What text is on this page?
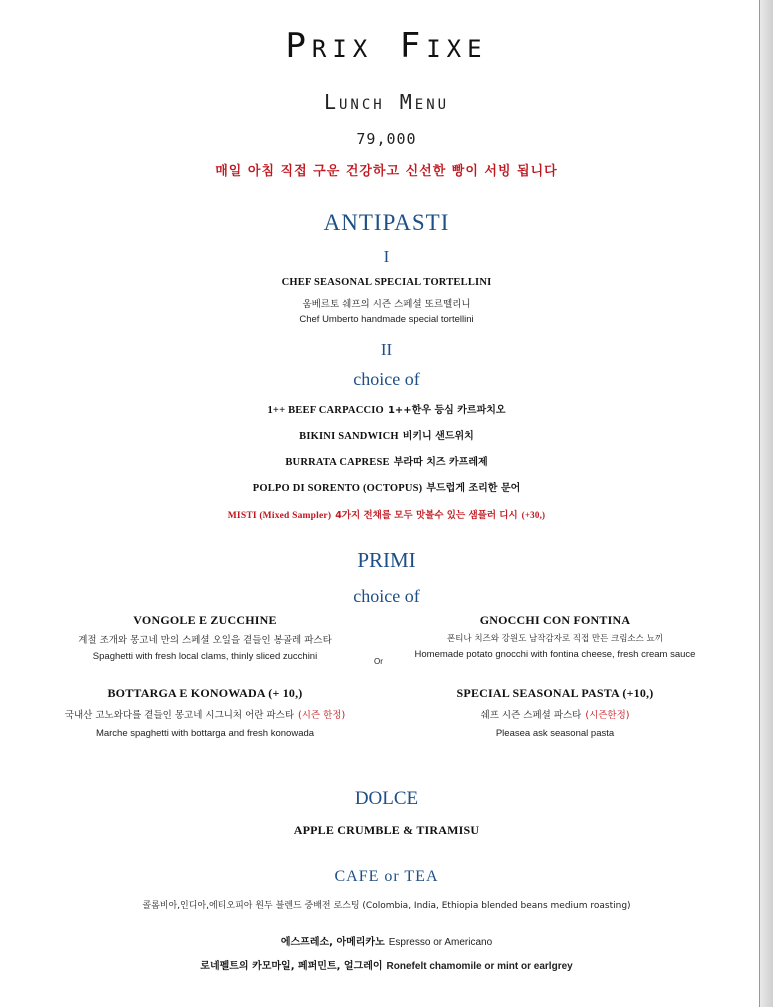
Prix Fixe
Lunch Menu
79,000
매일 아침 직접 구운 건강하고 신선한 빵이 서빙 됩니다
ANTIPASTI
I
CHEF SEASONAL SPECIAL TORTELLINI
움베르토 쉐프의 시즌 스페셜 또르뗄리니
Chef Umberto handmade special tortellini
II
choice of
1++ BEEF CARPACCIO 1++한우 등심 카르파치오
BIKINI SANDWICH 비키니 샌드위치
BURRATA CAPRESE 부라따 치즈 카프레제
POLPO DI SORENTO (OCTOPUS) 부드럽게 조리한 문어
MISTI (Mixed Sampler) 4가지 전채를 모두 맛볼수 있는 샘플러 디시 (+30,)
PRIMI
choice of
VONGOLE E ZUCCHINE
계절 조개와 몽고네 만의 스페셜 오일을 곁들인 봉골레 파스타
Spaghetti with fresh local clams, thinly sliced zucchini
GNOCCHI CON FONTINA
폰티나 치즈와 강원도 남작감자로 직접 만든 크림소스 뇨끼
Homemade potato gnocchi with fontina cheese, fresh cream sauce
Or
BOTTARGA E KONOWADA (+ 10,)
국내산 고노와다를 곁들인 몽고네 시그니처 어란 파스타 (시즌 한정)
Marche spaghetti with bottarga and fresh konowada
SPECIAL SEASONAL PASTA (+10,)
쉐프 시즌 스페셜 파스타 (시즌한정)
Pleasea ask seasonal pasta
DOLCE
APPLE CRUMBLE & TIRAMISU
CAFE or TEA
콜롬비아,인디아,에티오피아 원두 블렌드 중배전 로스팅 (Colombia, India, Ethiopia blended beans medium roasting)
에스프레소, 아메리카노 Espresso or Americano
로네펠트의 카모마일, 페퍼민트, 얼그레이 Ronefelt chamomile or mint or earlgrey
